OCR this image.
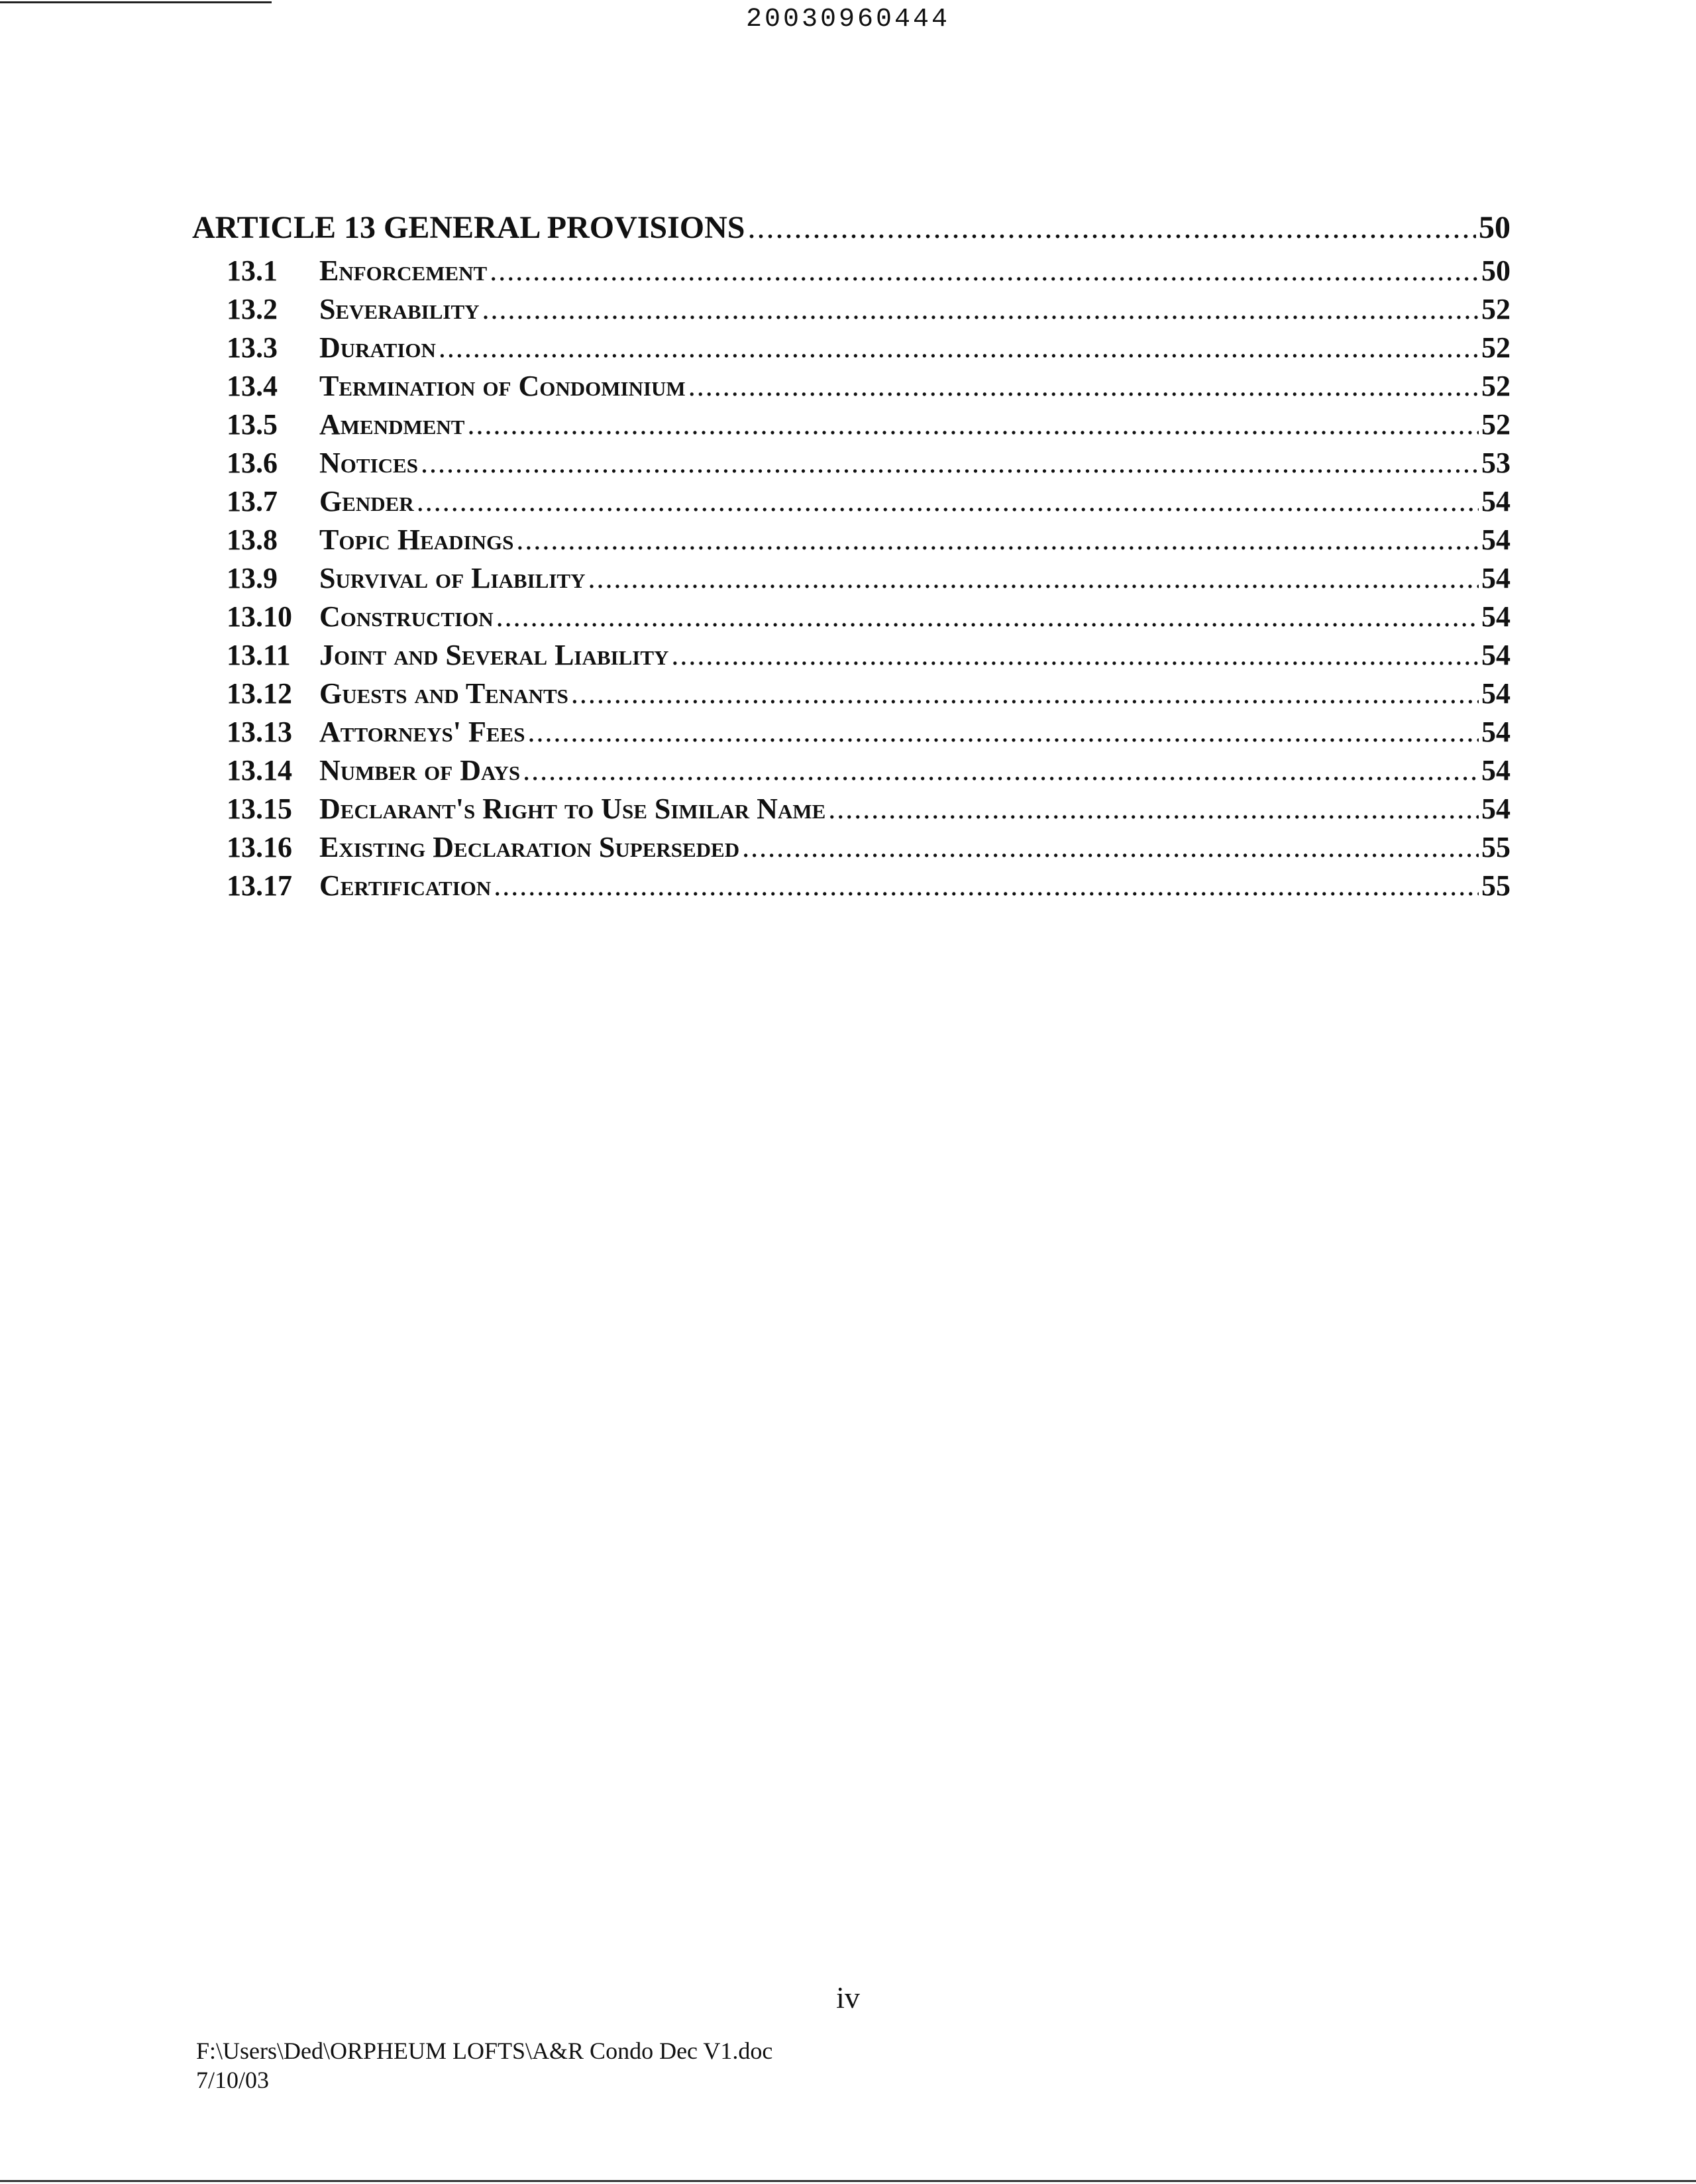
20030960444
ARTICLE 13 GENERAL PROVISIONS .....	50
13.1	Enforcement .....	50
13.2	Severability .....	52
13.3	Duration .....	52
13.4	Termination of Condominium .....	52
13.5	Amendment .....	52
13.6	Notices .....	53
13.7	Gender .....	54
13.8	Topic Headings .....	54
13.9	Survival of Liability .....	54
13.10 Construction .....	54
13.11 Joint and Several Liability .....	54
13.12 Guests and Tenants .....	54
13.13 Attorneys' Fees .....	54
13.14 Number of Days .....	54
13.15 Declarant's Right to Use Similar Name .....	54
13.16 Existing Declaration Superseded .....	55
13.17 Certification .....	55
iv
F:\Users\Ded\ORPHEUM LOFTS\A&R Condo Dec V1.doc
7/10/03
